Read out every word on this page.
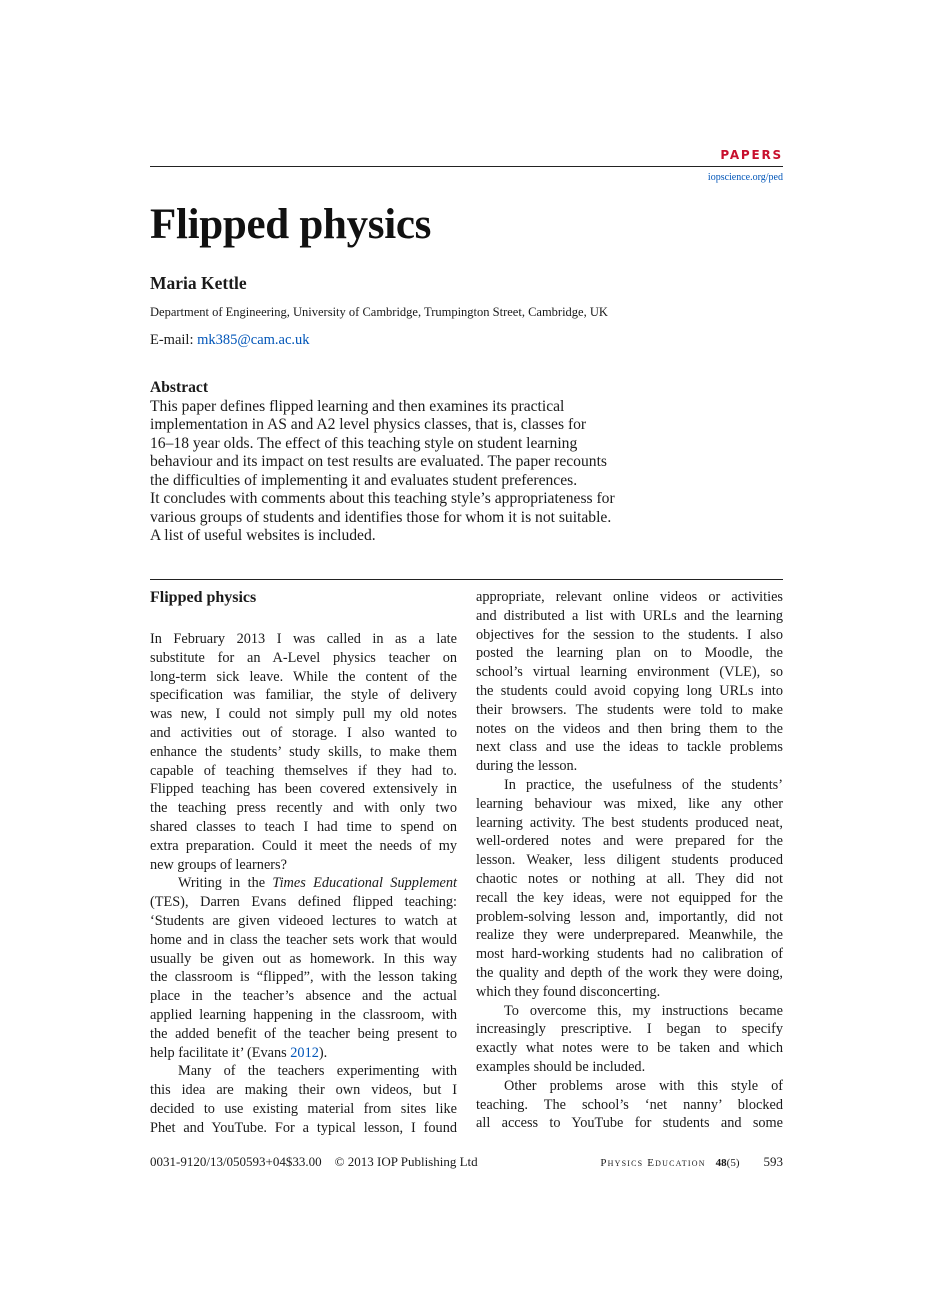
PAPERS
iopscience.org/ped
Flipped physics
Maria Kettle
Department of Engineering, University of Cambridge, Trumpington Street, Cambridge, UK
E-mail: mk385@cam.ac.uk
Abstract
This paper defines flipped learning and then examines its practical
implementation in AS and A2 level physics classes, that is, classes for
16–18 year olds. The effect of this teaching style on student learning
behaviour and its impact on test results are evaluated. The paper recounts
the difficulties of implementing it and evaluates student preferences.
It concludes with comments about this teaching style’s appropriateness for
various groups of students and identifies those for whom it is not suitable.
A list of useful websites is included.
Flipped physics
In February 2013 I was called in as a late
substitute for an A-Level physics teacher on
long-term sick leave. While the content of the
specification was familiar, the style of delivery
was new, I could not simply pull my old notes
and activities out of storage. I also wanted to
enhance the students’ study skills, to make them
capable of teaching themselves if they had to.
Flipped teaching has been covered extensively in
the teaching press recently and with only two
shared classes to teach I had time to spend on
extra preparation. Could it meet the needs of my
new groups of learners?
Writing in the Times Educational Supplement
(TES), Darren Evans defined flipped teaching:
‘Students are given videoed lectures to watch at
home and in class the teacher sets work that would
usually be given out as homework. In this way
the classroom is “flipped”, with the lesson taking
place in the teacher’s absence and the actual
applied learning happening in the classroom, with
the added benefit of the teacher being present to
help facilitate it’ (Evans 2012).
Many of the teachers experimenting with
this idea are making their own videos, but I
decided to use existing material from sites like
Phet and YouTube. For a typical lesson, I found
appropriate, relevant online videos or activities
and distributed a list with URLs and the learning
objectives for the session to the students. I also
posted the learning plan on to Moodle, the
school’s virtual learning environment (VLE), so
the students could avoid copying long URLs into
their browsers. The students were told to make
notes on the videos and then bring them to the
next class and use the ideas to tackle problems
during the lesson.
In practice, the usefulness of the students’
learning behaviour was mixed, like any other
learning activity. The best students produced neat,
well-ordered notes and were prepared for the
lesson. Weaker, less diligent students produced
chaotic notes or nothing at all. They did not
recall the key ideas, were not equipped for the
problem-solving lesson and, importantly, did not
realize they were underprepared. Meanwhile, the
most hard-working students had no calibration of
the quality and depth of the work they were doing,
which they found disconcerting.
To overcome this, my instructions became
increasingly prescriptive. I began to specify
exactly what notes were to be taken and which
examples should be included.
Other problems arose with this style of
teaching. The school’s ‘net nanny’ blocked
all access to YouTube for students and some
0031-9120/13/050593+04$33.00 © 2013 IOP Publishing Ltd	Physics Education 48(5) 593
